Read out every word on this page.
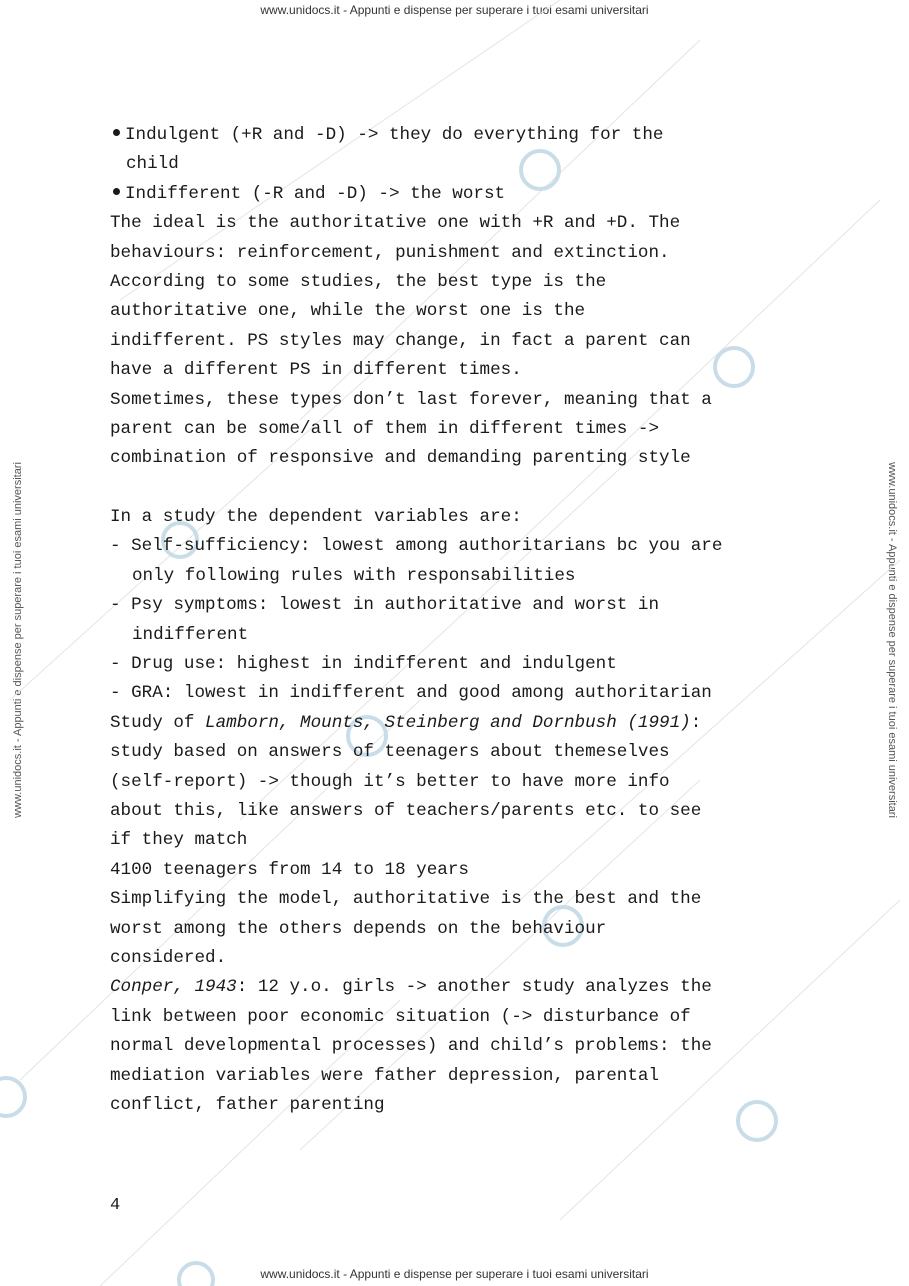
www.unidocs.it - Appunti e dispense per superare i tuoi esami universitari
www.unidocs.it - Appunti e dispense per superare i tuoi esami universitari
www.unidocs.it - Appunti e dispense per superare i tuoi esami universitari	www.unidocs.it - Appunti e dispense per superare i tuoi esami universitari
Indulgent (+R and -D) -> they do everything for the
child
Indifferent (-R and -D) -> the worst
The ideal is the authoritative one with +R and +D. The
behaviours: reinforcement, punishment and extinction.
According to some studies, the best type is the
authoritative one, while the worst one is the
indifferent. PS styles may change, in fact a parent can
have a different PS in different times.
Sometimes, these types don’t last forever, meaning that a
parent can be some/all of them in different times ->
combination of responsive and demanding parenting style
In a study the dependent variables are:
- Self-sufficiency: lowest among authoritarians bc you are
only following rules with responsabilities
- Psy symptoms: lowest in authoritative and worst in
indifferent
- Drug use: highest in indifferent and indulgent
- GRA: lowest in indifferent and good among authoritarian
Study of Lamborn, Mounts, Steinberg and Dornbush (1991):
study based on answers of teenagers about themeselves
(self-report) -> though it’s better to have more info
about this, like answers of teachers/parents etc. to see
if they match
4100 teenagers from 14 to 18 years
Simplifying the model, authoritative is the best and the
worst among the others depends on the behaviour
considered.
Conper, 1943: 12 y.o. girls -> another study analyzes the
link between poor economic situation (-> disturbance of
normal developmental processes) and child’s problems: the
mediation variables were father depression, parental
conflict, father parenting
4
